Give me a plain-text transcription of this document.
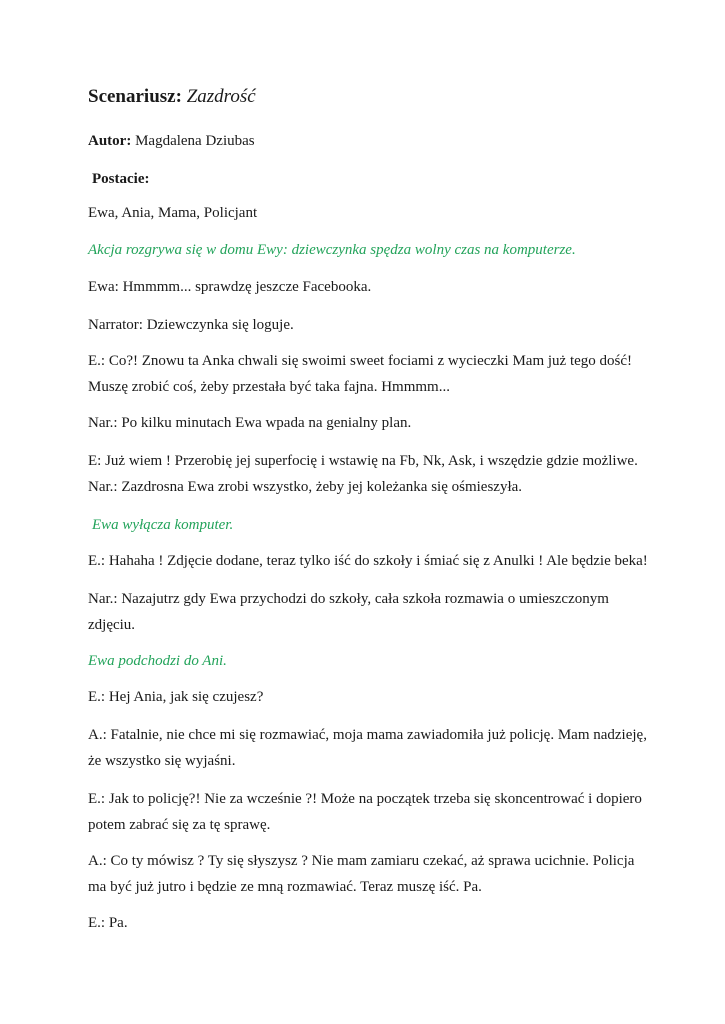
Scenariusz: Zazdrość

Autor: Magdalena Dziubas

Postacie:

Ewa, Ania, Mama, Policjant

Akcja rozgrywa się w domu Ewy: dziewczynka spędza wolny czas na komputerze.

Ewa: Hmmmm... sprawdzę jeszcze Facebooka.

Narrator: Dziewczynka się loguje.

E.: Co?! Znowu ta Anka chwali się swoimi sweet fociami z wycieczki Mam już tego dość! Muszę zrobić coś, żeby przestała być taka fajna. Hmmmm...

Nar.: Po kilku minutach Ewa wpada na genialny plan.

E: Już wiem ! Przerobię jej superfocię i wstawię na Fb, Nk, Ask, i wszędzie gdzie możliwe.

Nar.: Zazdrosna Ewa zrobi wszystko, żeby jej koleżanka się ośmieszyła.

Ewa wyłącza komputer.

E.: Hahaha ! Zdjęcie dodane, teraz tylko iść do szkoły i śmiać się z Anulki ! Ale będzie beka!

Nar.: Nazajutrz gdy Ewa przychodzi do szkoły, cała szkoła rozmawia o umieszczonym zdjęciu.

Ewa podchodzi do Ani.

E.: Hej Ania, jak się czujesz?

A.: Fatalnie, nie chce mi się rozmawiać, moja mama zawiadomiła już policję. Mam nadzieję, że wszystko się wyjaśni.

E.: Jak to policję?! Nie za wcześnie ?! Może na początek trzeba się skoncentrować i dopiero potem zabrać się za tę sprawę.

A.: Co ty mówisz ? Ty się słyszysz ? Nie mam zamiaru czekać, aż sprawa ucichnie. Policja ma być już jutro i będzie ze mną rozmawiać. Teraz muszę iść. Pa.

E.: Pa.
